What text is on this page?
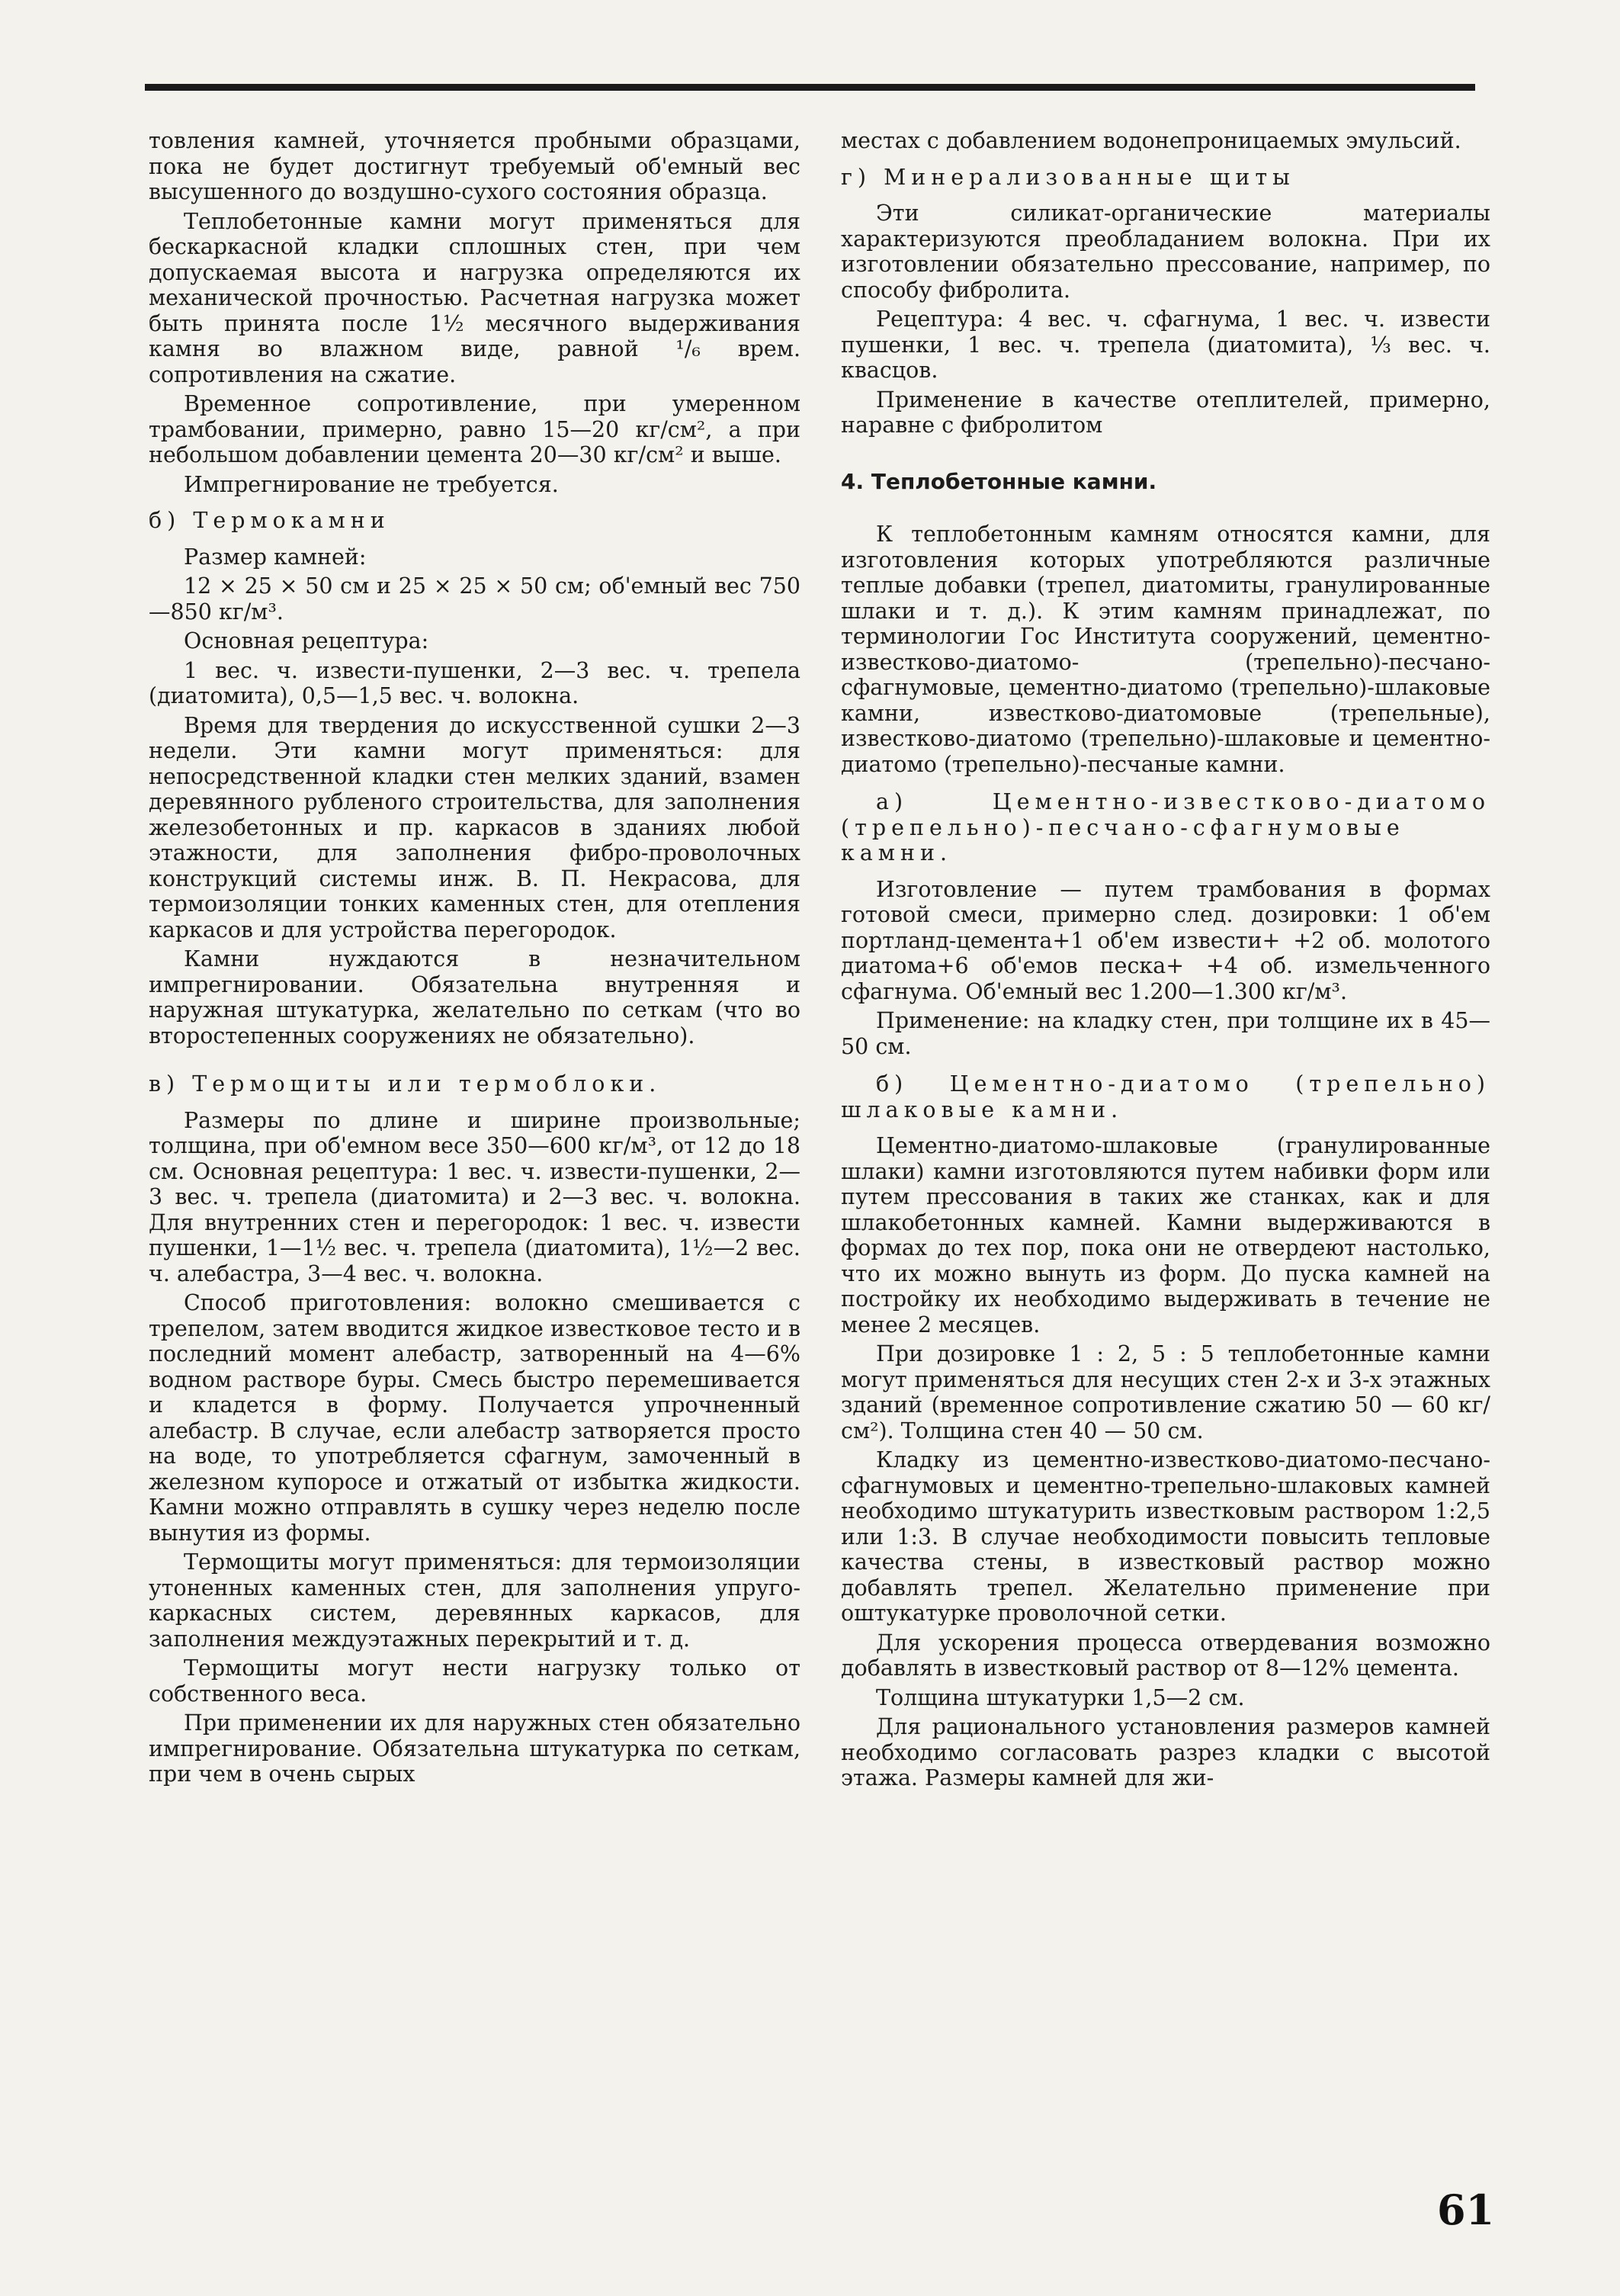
товления камней, уточняется пробными образцами, пока не будет достигнут требуемый об'емный вес высушенного до воздушно-сухого состояния образца.

Теплобетонные камни могут применяться для бескаркасной кладки сплошных стен, при чем допускаемая высота и нагрузка определяются их механической прочностью. Расчетная нагрузка может быть принята после 1½ месячного выдерживания камня во влажном виде, равной ¹/₆ врем. сопротивления на сжатие.

Временное сопротивление, при умеренном трамбовании, примерно, равно 15—20 кг/см², а при небольшом добавлении цемента 20—30 кг/см² и выше.

Импрегнирование не требуется.

б) Термокамни

Размер камней:

12 × 25 × 50 см и 25 × 25 × 50 см; об'емный вес 750—850 кг/м³.

Основная рецептура:

1 вес. ч. извести-пушенки, 2—3 вес. ч. трепела (диатомита), 0,5—1,5 вес. ч. волокна.

Время для твердения до искусственной сушки 2—3 недели. Эти камни могут применяться: для непосредственной кладки стен мелких зданий, взамен деревянного рубленого строительства, для заполнения железобетонных и пр. каркасов в зданиях любой этажности, для заполнения фибро-проволочных конструкций системы инж. В. П. Некрасова, для термоизоляции тонких каменных стен, для отепления каркасов и для устройства перегородок.

Камни нуждаются в незначительном импрегнировании. Обязательна внутренняя и наружная штукатурка, желательно по сеткам (что во второстепенных сооружениях не обязательно).

в) Термощиты или термоблоки.

Размеры по длине и ширине произвольные; толщина, при об'емном весе 350—600 кг/м³, от 12 до 18 см. Основная рецептура: 1 вес. ч. извести-пушенки, 2—3 вес. ч. трепела (диатомита) и 2—3 вес. ч. волокна. Для внутренних стен и перегородок: 1 вес. ч. извести пушенки, 1—1½ вес. ч. трепела (диатомита), 1½—2 вес. ч. алебастра, 3—4 вес. ч. волокна.

Способ приготовления: волокно смешивается с трепелом, затем вводится жидкое известковое тесто и в последний момент алебастр, затворенный на 4—6% водном растворе буры. Смесь быстро перемешивается и кладется в форму. Получается упрочненный алебастр. В случае, если алебастр затворяется просто на воде, то употребляется сфагнум, замоченный в железном купоросе и отжатый от избытка жидкости. Камни можно отправлять в сушку через неделю после вынутия из формы.

Термощиты могут применяться: для термоизоляции утоненных каменных стен, для заполнения упруго-каркасных систем, деревянных каркасов, для заполнения междуэтажных перекрытий и т. д.

Термощиты могут нести нагрузку только от собственного веса.

При применении их для наружных стен обязательно импрегнирование. Обязательна штукатурка по сеткам, при чем в очень сырых

местах с добавлением водонепроницаемых эмульсий.

г) Минерализованные щиты

Эти силикат-органические материалы характеризуются преобладанием волокна. При их изготовлении обязательно прессование, например, по способу фибролита.

Рецептура: 4 вес. ч. сфагнума, 1 вес. ч. извести пушенки, 1 вес. ч. трепела (диатомита), ⅓ вес. ч. квасцов.

Применение в качестве отеплителей, примерно, наравне с фибролитом

4. Теплобетонные камни.

К теплобетонным камням относятся камни, для изготовления которых употребляются различные теплые добавки (трепел, диатомиты, гранулированные шлаки и т. д.). К этим камням принадлежат, по терминологии Гос Института сооружений, цементно-известково-диатомо- (трепельно)-песчано-сфагнумовые, цементно-диатомо (трепельно)-шлаковые камни, известково-диатомовые (трепельные), известково-диатомо (трепельно)-шлаковые и цементно-диатомо (трепельно)-песчаные камни.

а) Цементно-известково-диатомо (трепельно)-песчано-сфагнумовые камни.

Изготовление — путем трамбования в формах готовой смеси, примерно след. дозировки: 1 об'ем портланд-цемента+1 об'ем извести+ +2 об. молотого диатома+6 об'емов песка+ +4 об. измельченного сфагнума. Об'емный вес 1.200—1.300 кг/м³.

Применение: на кладку стен, при толщине их в 45—50 см.

б) Цементно-диатомо (трепельно) шлаковые камни.

Цементно-диатомо-шлаковые (гранулированные шлаки) камни изготовляются путем набивки форм или путем прессования в таких же станках, как и для шлакобетонных камней. Камни выдерживаются в формах до тех пор, пока они не отвердеют настолько, что их можно вынуть из форм. До пуска камней на постройку их необходимо выдерживать в течение не менее 2 месяцев.

При дозировке 1 : 2, 5 : 5 теплобетонные камни могут применяться для несущих стен 2-х и 3-х этажных зданий (временное сопротивление сжатию 50 — 60 кг/см²). Толщина стен 40 — 50 см.

Кладку из цементно-известково-диатомо-песчано-сфагнумовых и цементно-трепельно-шлаковых камней необходимо штукатурить известковым раствором 1:2,5 или 1:3. В случае необходимости повысить тепловые качества стены, в известковый раствор можно добавлять трепел. Желательно применение при оштукатурке проволочной сетки.

Для ускорения процесса отвердевания возможно добавлять в известковый раствор от 8—12% цемента.

Толщина штукатурки 1,5—2 см.

Для рационального установления размеров камней необходимо согласовать разрез кладки с высотой этажа. Размеры камней для жи-

61
